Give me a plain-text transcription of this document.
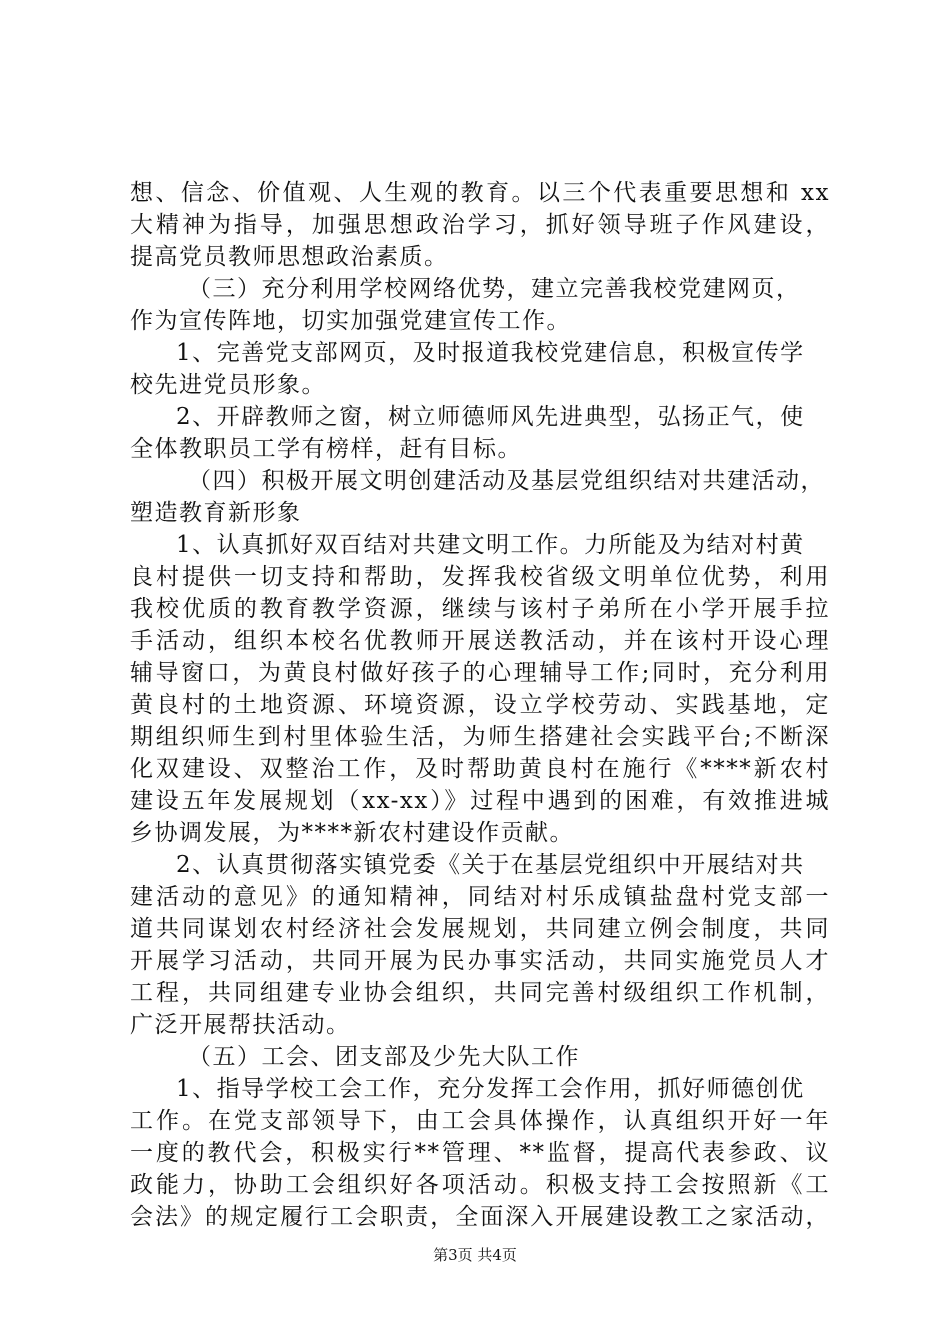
想、信念、价值观、人生观的教育。以三个代表重要思想和 xx
大精神为指导，加强思想政治学习，抓好领导班子作风建设，
提高党员教师思想政治素质。
（三）充分利用学校网络优势，建立完善我校党建网页，
作为宣传阵地，切实加强党建宣传工作。
1、完善党支部网页，及时报道我校党建信息，积极宣传学
校先进党员形象。
2、开辟教师之窗，树立师德师风先进典型，弘扬正气，使
全体教职员工学有榜样，赶有目标。
（四）积极开展文明创建活动及基层党组织结对共建活动，
塑造教育新形象
1、认真抓好双百结对共建文明工作。力所能及为结对村黄
良村提供一切支持和帮助，发挥我校省级文明单位优势，利用
我校优质的教育教学资源，继续与该村子弟所在小学开展手拉
手活动，组织本校名优教师开展送教活动，并在该村开设心理
辅导窗口，为黄良村做好孩子的心理辅导工作;同时，充分利用
黄良村的土地资源、环境资源，设立学校劳动、实践基地，定
期组织师生到村里体验生活，为师生搭建社会实践平台;不断深
化双建设、双整治工作，及时帮助黄良村在施行《****新农村
建设五年发展规划（xx-xx）》过程中遇到的困难，有效推进城
乡协调发展，为****新农村建设作贡献。
2、认真贯彻落实镇党委《关于在基层党组织中开展结对共
建活动的意见》的通知精神，同结对村乐成镇盐盘村党支部一
道共同谋划农村经济社会发展规划，共同建立例会制度，共同
开展学习活动，共同开展为民办事实活动，共同实施党员人才
工程，共同组建专业协会组织，共同完善村级组织工作机制，
广泛开展帮扶活动。
（五）工会、团支部及少先大队工作
1、指导学校工会工作，充分发挥工会作用，抓好师德创优
工作。在党支部领导下，由工会具体操作，认真组织开好一年
一度的教代会，积极实行**管理、**监督，提高代表参政、议
政能力，协助工会组织好各项活动。积极支持工会按照新《工
会法》的规定履行工会职责，全面深入开展建设教工之家活动，
第3页 共4页
